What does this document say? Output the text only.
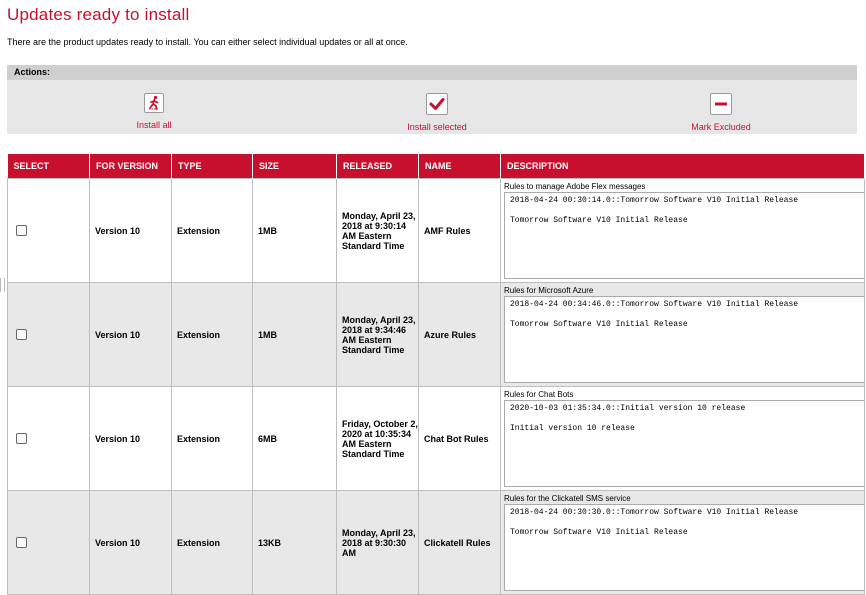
Updates ready to install
There are the product updates ready to install. You can either select individual updates or all at once.
Actions:
Install all	Install selected	Mark Excluded
SELECT	FOR VERSION	TYPE	SIZE	RELEASED	NAME	DESCRIPTION

	Version 10	Extension	1MB	Monday, April 23, 2018 at 9:30:14 AM Eastern Standard Time	AMF Rules	Rules to manage Adobe Flex messages
2018-04-24 00:30:14.0::Tomorrow Software V10 Initial Release
Tomorrow Software V10 Initial Release

	Version 10	Extension	1MB	Monday, April 23, 2018 at 9:34:46 AM Eastern Standard Time	Azure Rules	Rules for Microsoft Azure
2018-04-24 00:34:46.0::Tomorrow Software V10 Initial Release
Tomorrow Software V10 Initial Release

	Version 10	Extension	6MB	Friday, October 2, 2020 at 10:35:34 AM Eastern Standard Time	Chat Bot Rules	Rules for Chat Bots
2020-10-03 01:35:34.0::Initial version 10 release
Initial version 10 release

	Version 10	Extension	13KB	Monday, April 23, 2018 at 9:30:30 AM	Clickatell Rules	Rules for the Clickatell SMS service
2018-04-24 00:30:30.0::Tomorrow Software V10 Initial Release
Tomorrow Software V10 Initial Release
